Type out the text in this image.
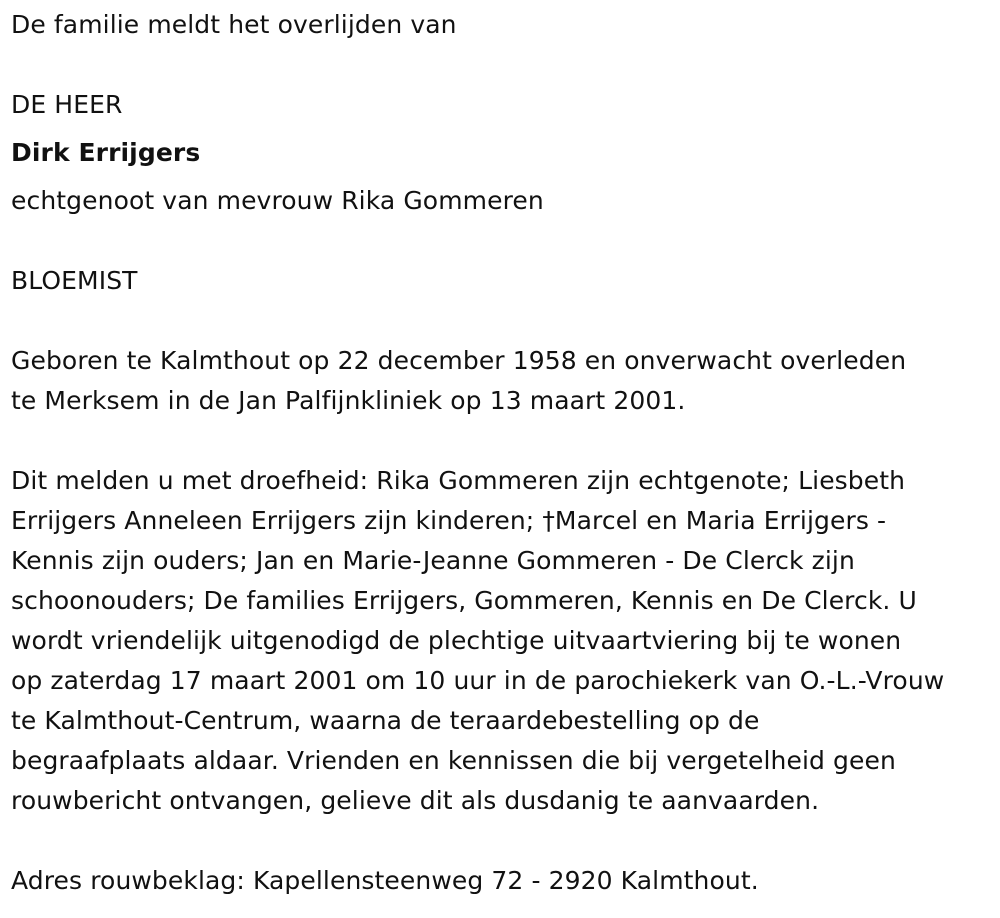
De familie meldt het overlijden van
DE HEER
Dirk Errijgers
echtgenoot van mevrouw Rika Gommeren
BLOEMIST
Geboren te Kalmthout op 22 december 1958 en onverwacht overleden
te Merksem in de Jan Palfijnkliniek op 13 maart 2001.
Dit melden u met droefheid: Rika Gommeren zijn echtgenote; Liesbeth
Errijgers Anneleen Errijgers zijn kinderen; †Marcel en Maria Errijgers -
Kennis zijn ouders; Jan en Marie-Jeanne Gommeren - De Clerck zijn
schoonouders; De families Errijgers, Gommeren, Kennis en De Clerck. U
wordt vriendelijk uitgenodigd de plechtige uitvaartviering bij te wonen
op zaterdag 17 maart 2001 om 10 uur in de parochiekerk van O.-L.-Vrouw
te Kalmthout-Centrum, waarna de teraardebestelling op de
begraafplaats aldaar. Vrienden en kennissen die bij vergetelheid geen
rouwbericht ontvangen, gelieve dit als dusdanig te aanvaarden.
Adres rouwbeklag: Kapellensteenweg 72 - 2920 Kalmthout.
